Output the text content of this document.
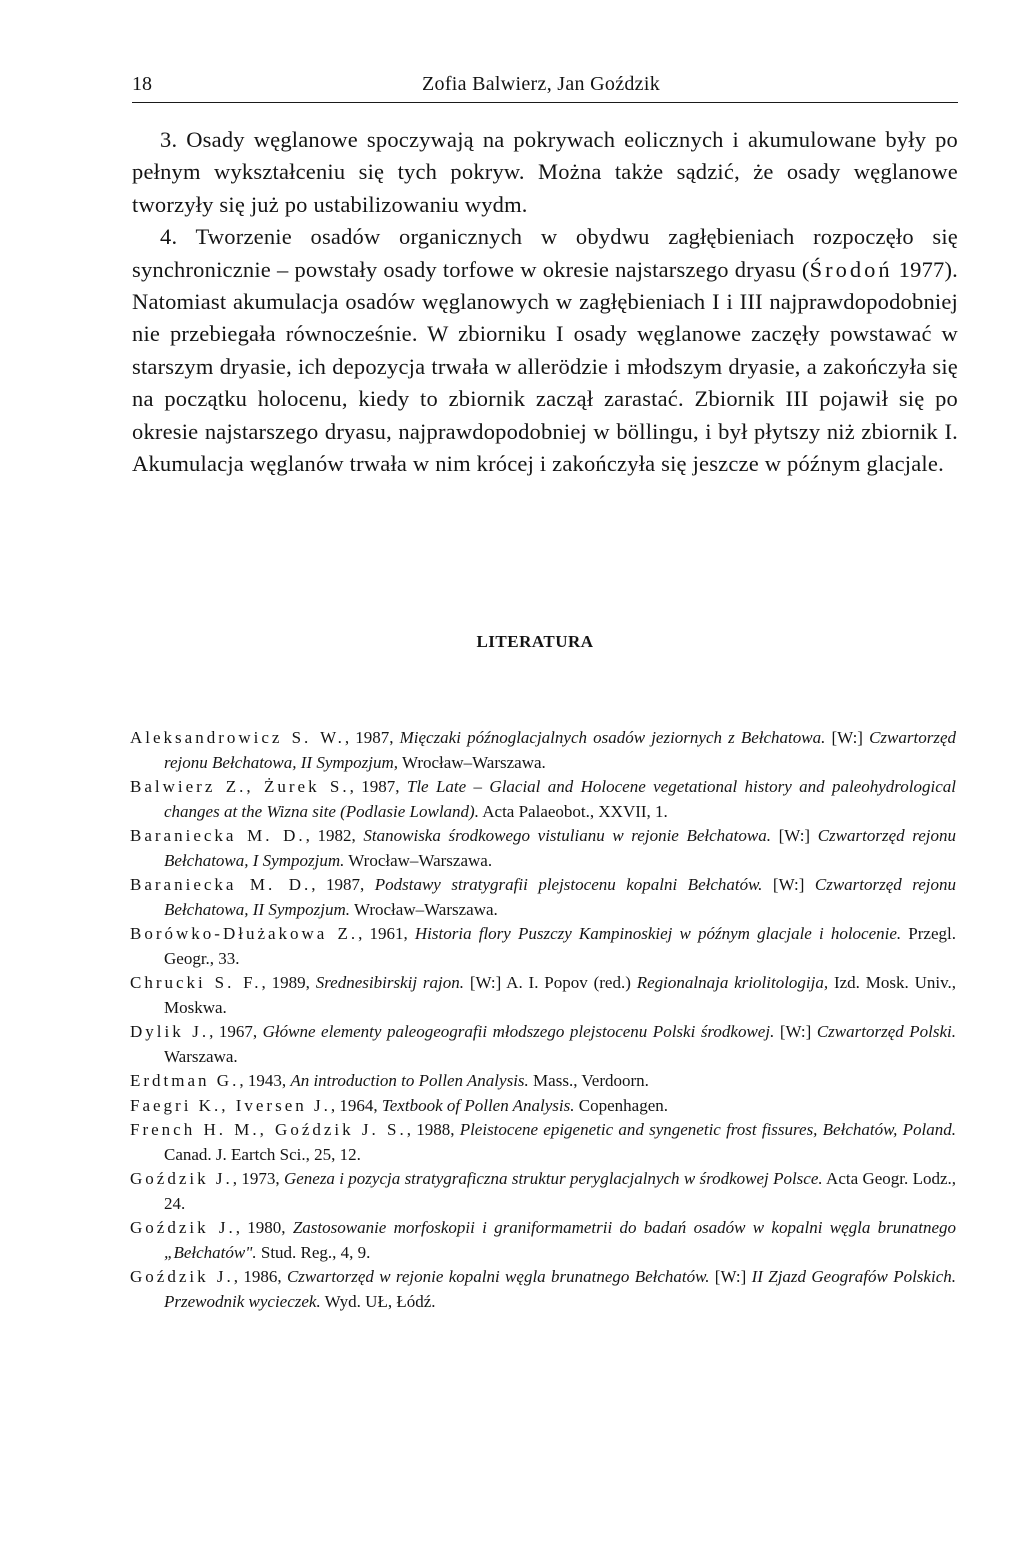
18	Zofia Balwierz, Jan Goździk

3. Osady węglanowe spoczywają na pokrywach eolicznych i akumulowane były po pełnym wykształceniu się tych pokryw. Można także sądzić, że osady węglanowe tworzyły się już po ustabilizowaniu wydm.

4. Tworzenie osadów organicznych w obydwu zagłębieniach rozpoczęło się synchronicznie – powstały osady torfowe w okresie najstarszego dryasu (Środoń 1977). Natomiast akumulacja osadów węglanowych w zagłębieniach I i III najprawdopodobniej nie przebiegała równocześnie. W zbiorniku I osady węglanowe zaczęły powstawać w starszym dryasie, ich depozycja trwała w allerödzie i młodszym dryasie, a zakończyła się na początku holocenu, kiedy to zbiornik zaczął zarastać. Zbiornik III pojawił się po okresie najstarszego dryasu, najprawdopodobniej w böllingu, i był płytszy niż zbiornik I. Akumulacja węglanów trwała w nim krócej i zakończyła się jeszcze w późnym glacjale.

LITERATURA
Aleksandrowicz S. W., 1987, Mięczaki późnoglacjalnych osadów jeziornych z Bełchatowa. [W:] Czwartorzęd rejonu Bełchatowa, II Sympozjum, Wrocław–Warszawa.
Balwierz Z., Żurek S., 1987, Tle Late – Glacial and Holocene vegetational history and paleohydrological changes at the Wizna site (Podlasie Lowland). Acta Palaeobot., XXVII, 1.
Baraniecka M. D., 1982, Stanowiska środkowego vistulianu w rejonie Bełchatowa. [W:] Czwartorzęd rejonu Bełchatowa, I Sympozjum. Wrocław–Warszawa.
Baraniecka M. D., 1987, Podstawy stratygrafii plejstocenu kopalni Bełchatów. [W:] Czwartorzęd rejonu Bełchatowa, II Sympozjum. Wrocław–Warszawa.
Borówko-Dłużakowa Z., 1961, Historia flory Puszczy Kampinoskiej w późnym glacjale i holocenie. Przegl. Geogr., 33.
Chrucki S. F., 1989, Srednesibirskij rajon. [W:] A. I. Popov (red.) Regionalnaja kriolitologija, Izd. Mosk. Univ., Moskwa.
Dylik J., 1967, Główne elementy paleogeografii młodszego plejstocenu Polski środkowej. [W:] Czwartorzęd Polski. Warszawa.
Erdtman G., 1943, An introduction to Pollen Analysis. Mass., Verdoorn.
Faegri K., Iversen J., 1964, Textbook of Pollen Analysis. Copenhagen.
French H. M., Goździk J. S., 1988, Pleistocene epigenetic and syngenetic frost fissures, Bełchatów, Poland. Canad. J. Eartch Sci., 25, 12.
Goździk J., 1973, Geneza i pozycja stratygraficzna struktur peryglacjalnych w środkowej Polsce. Acta Geogr. Lodz., 24.
Goździk J., 1980, Zastosowanie morfoskopii i graniformametrii do badań osadów w kopalni węgla brunatnego „Bełchatów". Stud. Reg., 4, 9.
Goździk J., 1986, Czwartorzęd w rejonie kopalni węgla brunatnego Bełchatów. [W:] II Zjazd Geografów Polskich. Przewodnik wycieczek. Wyd. UŁ, Łódź.
